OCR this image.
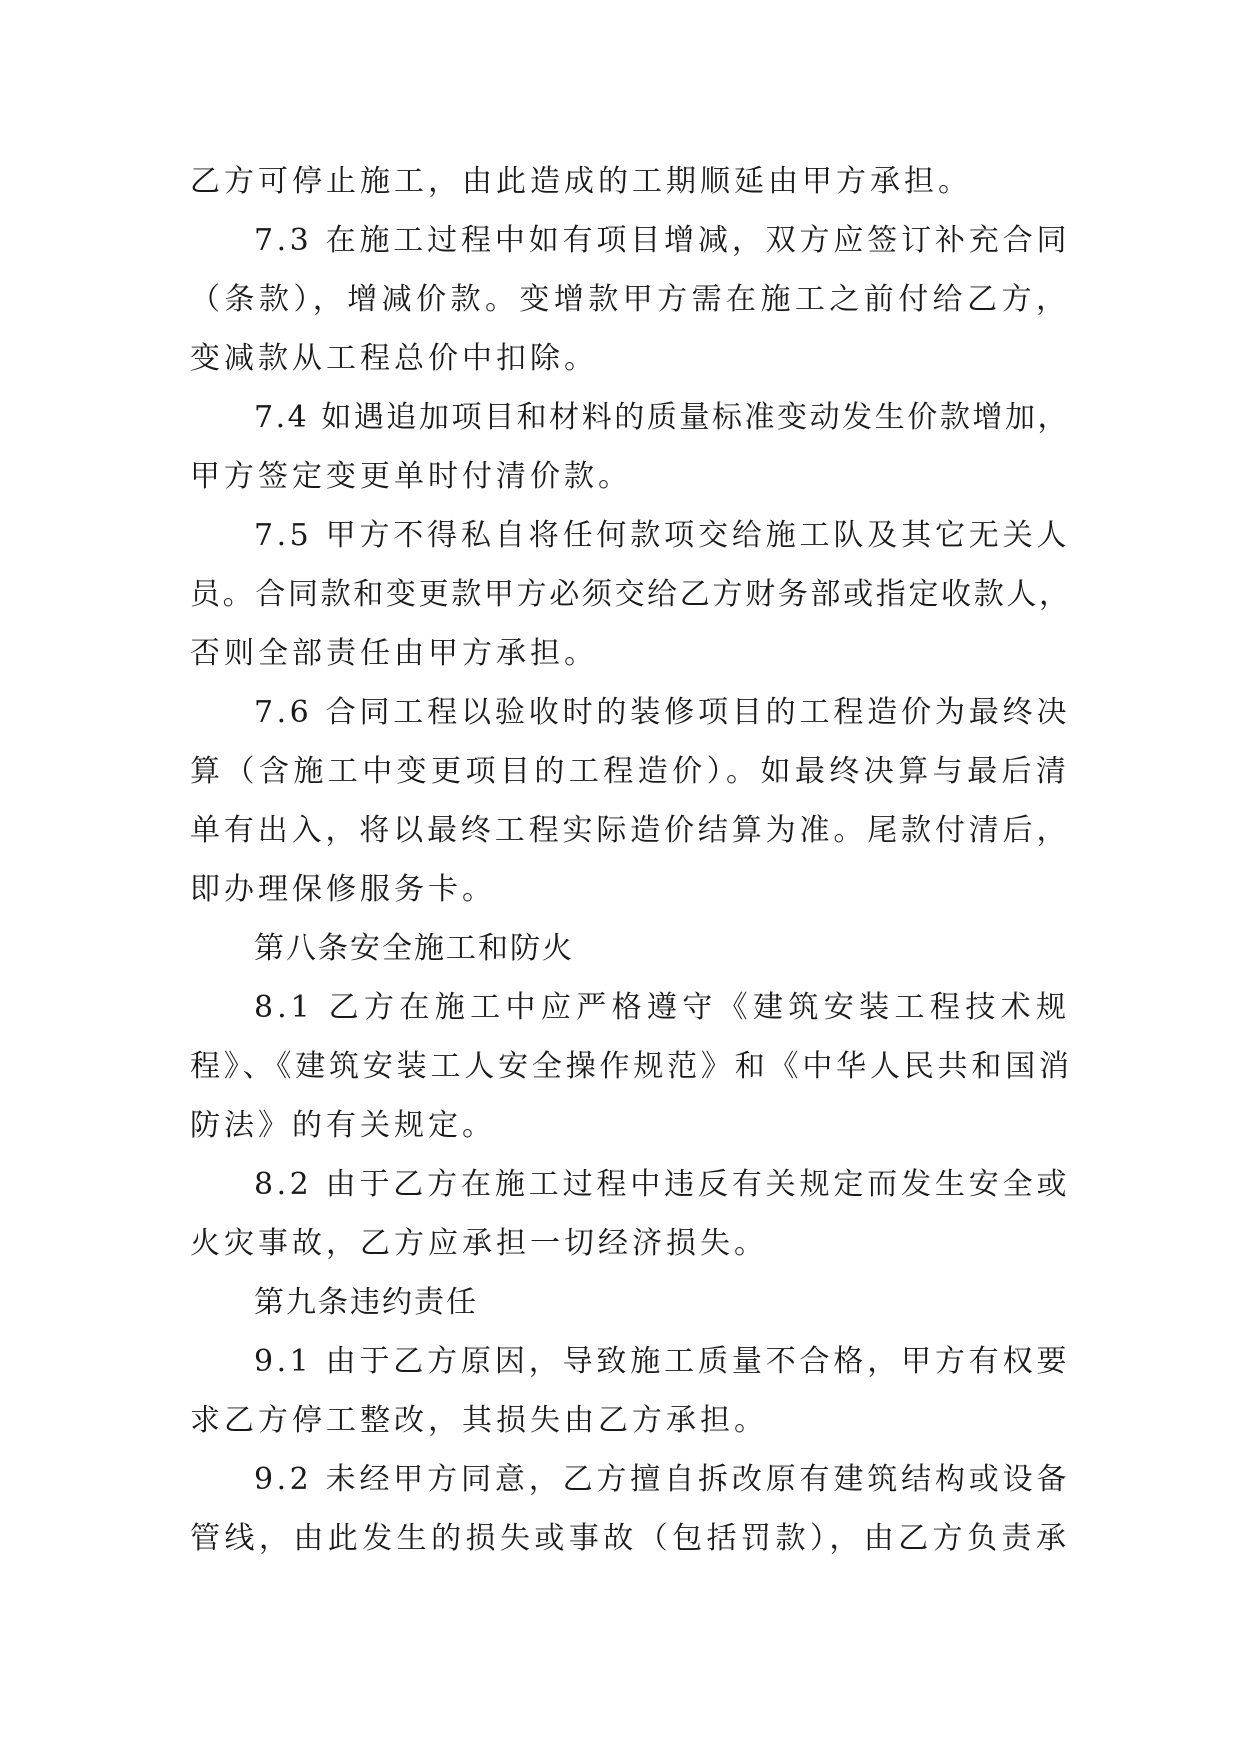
乙方可停止施工，由此造成的工期顺延由甲方承担。
7.3 在施工过程中如有项目增减，双方应签订补充合同
（条款），增减价款。变增款甲方需在施工之前付给乙方，
变减款从工程总价中扣除。
7.4 如遇追加项目和材料的质量标准变动发生价款增加，
甲方签定变更单时付清价款。
7.5 甲方不得私自将任何款项交给施工队及其它无关人
员。合同款和变更款甲方必须交给乙方财务部或指定收款人，
否则全部责任由甲方承担。
7.6 合同工程以验收时的装修项目的工程造价为最终决
算（含施工中变更项目的工程造价）。如最终决算与最后清
单有出入，将以最终工程实际造价结算为准。尾款付清后，
即办理保修服务卡。
第八条安全施工和防火
8.1 乙方在施工中应严格遵守《建筑安装工程技术规
程》、《建筑安装工人安全操作规范》和《中华人民共和国消
防法》的有关规定。
8.2 由于乙方在施工过程中违反有关规定而发生安全或
火灾事故，乙方应承担一切经济损失。
第九条违约责任
9.1 由于乙方原因，导致施工质量不合格，甲方有权要
求乙方停工整改，其损失由乙方承担。
9.2 未经甲方同意，乙方擅自拆改原有建筑结构或设备
管线，由此发生的损失或事故（包括罚款），由乙方负责承
